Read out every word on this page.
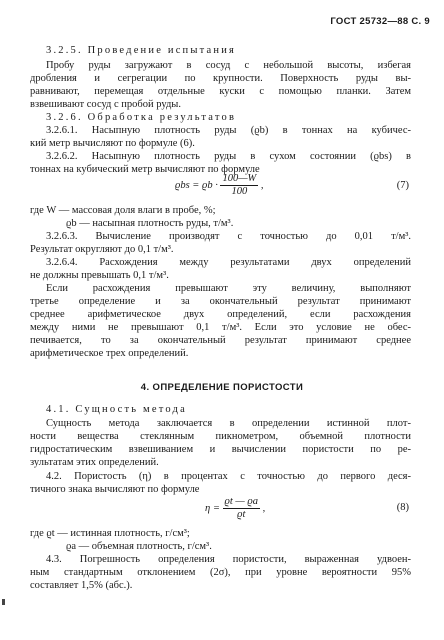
ГОСТ 25732—88 С. 9
3.2.5. Проведение испытания
Пробу руды загружают в сосуд с небольшой высоты, избегая
дробления и сегрегации по крупности. Поверхность руды вы-
равнивают, перемещая отдельные куски с помощью планки. Затем
взвешивают сосуд с пробой руды.
3.2.6. Обработка результатов
3.2.6.1. Насыпную плотность руды (ϱb) в тоннах на кубичес-
кий метр вычисляют по формуле (6).
3.2.6.2. Насыпную плотность руды в сухом состоянии (ϱbs) в
тоннах на кубический метр вычисляют по формуле
$ϱbs = ϱb \cdot \frac{100—W}{100}$ ,	(7)
где W — массовая доля влаги в пробе, %;
ϱb — насыпная плотность руды, т/м³.
3.2.6.3. Вычисление производят с точностью до 0,01 т/м³.
Результат округляют до 0,1 т/м³.
3.2.6.4. Расхождения между результатами двух определений
не должны превышать 0,1 т/м³.
Если расхождения превышают эту величину, выполняют
третье определение и за окончательный результат принимают
среднее арифметическое двух определений, если расхождения
между ними не превышают 0,1 т/м³. Если это условие не обес-
печивается, то за окончательный результат принимают среднее
арифметическое трех определений.
4. ОПРЕДЕЛЕНИЕ ПОРИСТОСТИ
4.1. Сущность метода
Сущность метода заключается в определении истинной плот-
ности вещества стеклянным пикнометром, объемной плотности
гидростатическим взвешиванием и вычислении пористости по ре-
зультатам этих определений.
4.2. Пористость (η) в процентах с точностью до первого деся-
тичного знака вычисляют по формуле
$\eta = \frac{ϱt — ϱa}{ϱt}$ ,	(8)
где ϱt — истинная плотность, г/см³;
ϱa — объемная плотность, г/см³.
4.3. Погрешность определения пористости, выраженная удвоен-
ным стандартным отклонением (2σ), при уровне вероятности 95%
составляет 1,5% (абс.).
